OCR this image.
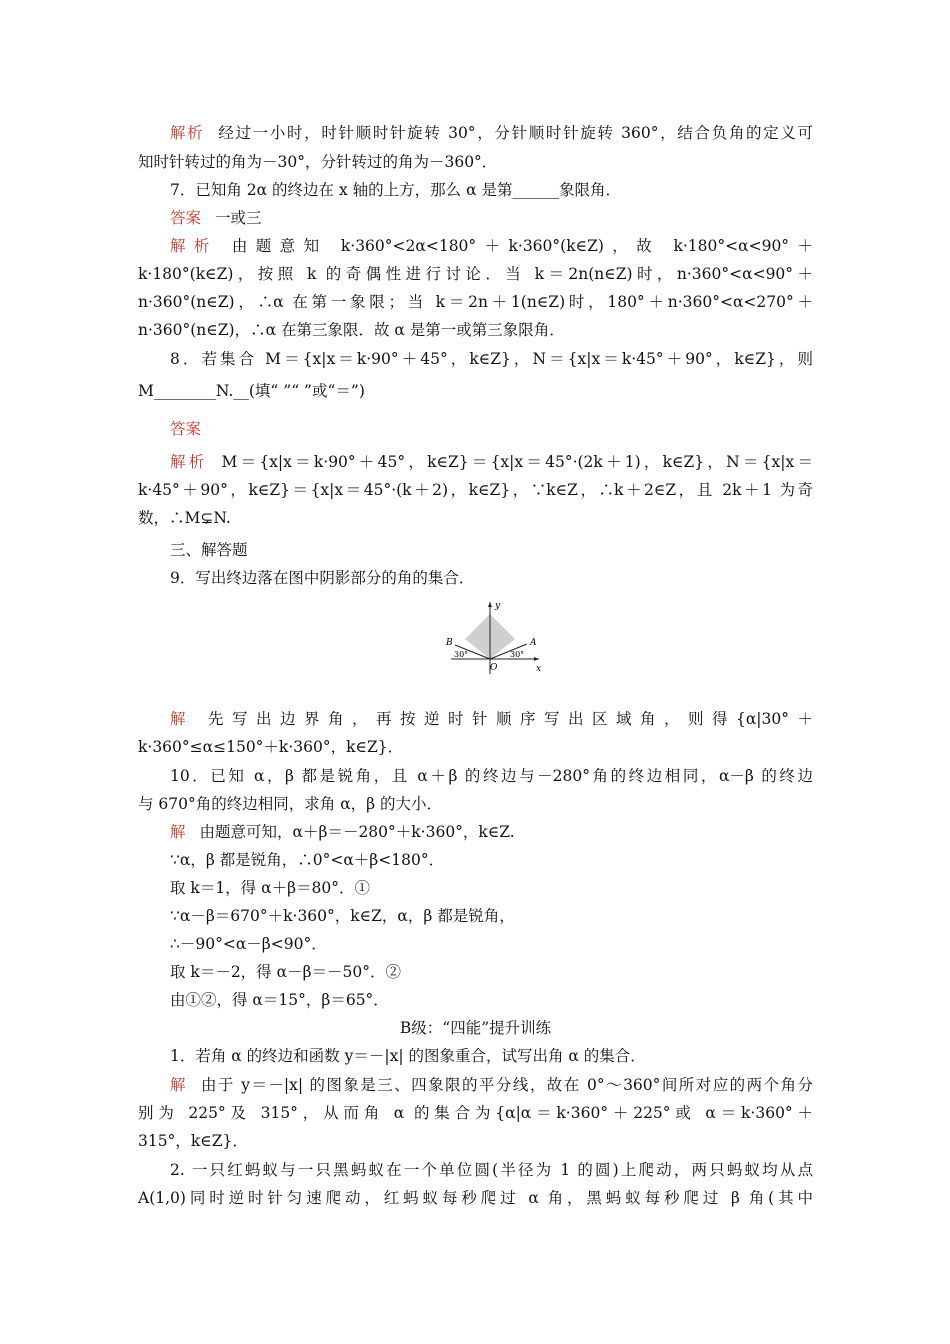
解析 经过一小时，时针顺时针旋转 30°，分针顺时针旋转 360°，结合负角的定义可
知时针转过的角为－30°，分针转过的角为－360°．
7．已知角 2α 的终边在 x 轴的上方，那么 α 是第______象限角．
答案 一或三
解析 由题意知 k·360°<2α<180°＋k·360°(k∈Z)，故 k·180°<α<90°＋
k·180°(k∈Z)，按照 k 的奇偶性进行讨论．当 k＝2n(n∈Z)时，n·360°<α<90°＋
n·360°(n∈Z)，∴α 在第一象限；当 k＝2n＋1(n∈Z)时，180°＋n·360°<α<270°＋
n·360°(n∈Z)，∴α 在第三象限．故 α 是第一或第三象限角．
8．若集合 M＝{x|x＝k·90°＋45°，k∈Z}，N＝{x|x＝k·45°＋90°，k∈Z}，则
M________N.__(填“ ”“ ”或“＝”)
答案
解析 M＝{x|x＝k·90°＋45°，k∈Z}＝{x|x＝45°·(2k＋1)，k∈Z}，N＝{x|x＝
k·45°＋90°，k∈Z}＝{x|x＝45°·(k＋2)，k∈Z}，∵k∈Z，∴k＋2∈Z，且 2k＋1 为奇
数，∴M⊊N.
三、解答题
9．写出终边落在图中阴影部分的角的集合．
y
x
A
B
O
30°	30°
解 先写出边界角，再按逆时针顺序写出区域角，则得{α|30°＋
k·360°≤α≤150°＋k·360°，k∈Z}．
10．已知 α，β 都是锐角，且 α＋β 的终边与－280°角的终边相同，α－β 的终边
与 670°角的终边相同，求角 α，β 的大小．
解 由题意可知，α＋β＝－280°＋k·360°，k∈Z.
∵α，β 都是锐角，∴0°<α＋β<180°．
取 k＝1，得 α＋β＝80°．①
∵α－β＝670°＋k·360°，k∈Z，α，β 都是锐角，
∴－90°<α－β<90°．
取 k＝－2，得 α－β＝－50°．②
由①②，得 α＝15°，β＝65°．
B级：“四能”提升训练
1．若角 α 的终边和函数 y＝－|x| 的图象重合，试写出角 α 的集合．
解 由于 y＝－|x| 的图象是三、四象限的平分线，故在 0°～360°间所对应的两个角分
别为 225°及 315°，从而角 α 的集合为{α|α＝k·360°＋225°或 α＝k·360°＋
315°，k∈Z}．
2. 一只红蚂蚁与一只黑蚂蚁在一个单位圆(半径为 1 的圆)上爬动，两只蚂蚁均从点
A(1,0)同时逆时针匀速爬动，红蚂蚁每秒爬过 α 角，黑蚂蚁每秒爬过 β 角(其中
